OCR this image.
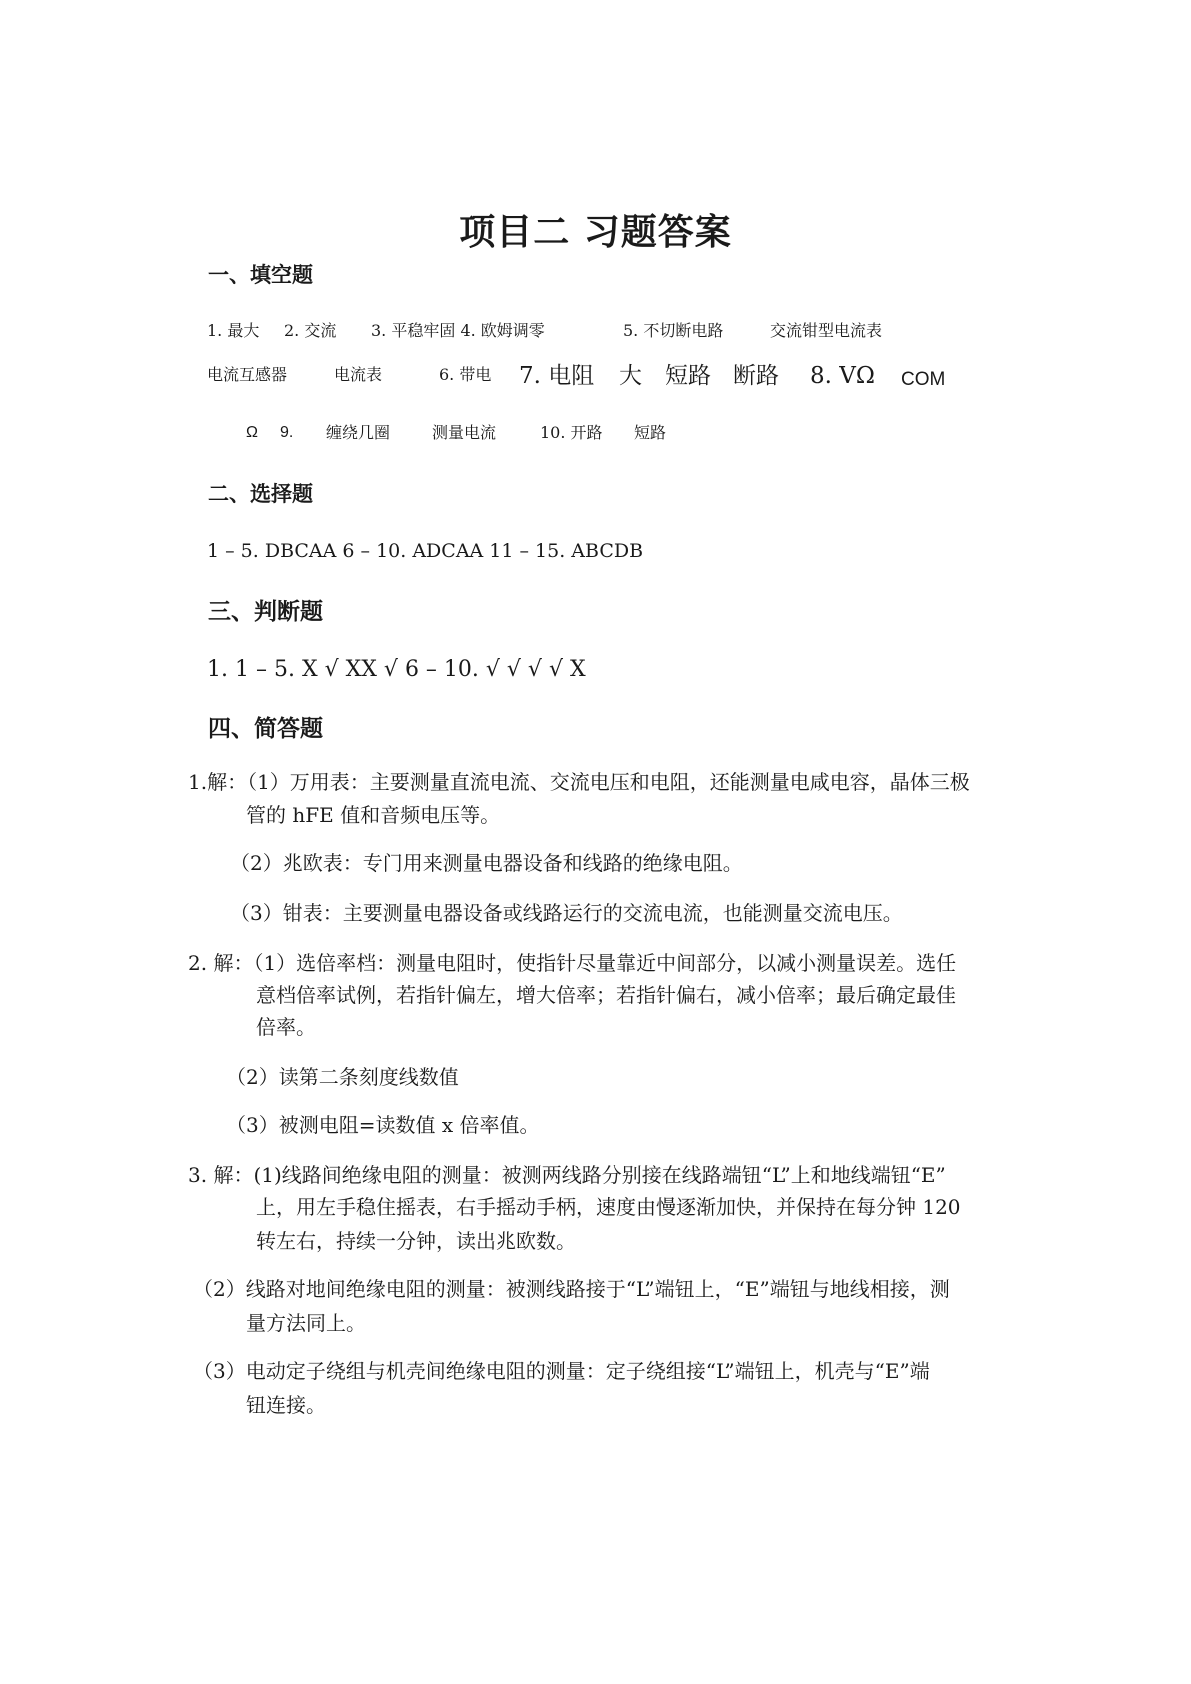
项目二 习题答案
一、填空题
1. 最大 2. 交流 3. 平稳牢固 4. 欧姆调零	5. 不切断电路	交流钳型电流表
电流互感器	电流表	6. 带电 7. 电阻 大 短路 断路 8. VΩ COM
Ω 9. 缠绕几圈	测量电流	10. 开路 短路
二、选择题
1 – 5. DBCAA 6 – 10. ADCAA 11 – 15. ABCDB
三、判断题
1. 1 – 5. X √ XX √ 6 – 10. √ √ √ √ X
四、简答题
1.解：（1）万用表：主要测量直流电流、交流电压和电阻，还能测量电咸电容，晶体三极
管的 hFE 值和音频电压等。
（2）兆欧表：专门用来测量电器设备和线路的绝缘电阻。
（3）钳表：主要测量电器设备或线路运行的交流电流，也能测量交流电压。
2. 解：（1）选倍率档：测量电阻时，使指针尽量靠近中间部分，以减小测量误差。选任
意档倍率试例，若指针偏左，增大倍率；若指针偏右，减小倍率；最后确定最佳
倍率。
（2）读第二条刻度线数值
（3）被测电阻=读数值 x 倍率值。
3. 解：(1)线路间绝缘电阻的测量：被测两线路分别接在线路端钮“L”上和地线端钮“E”
上，用左手稳住摇表，右手摇动手柄，速度由慢逐渐加快，并保持在每分钟 120
转左右，持续一分钟，读出兆欧数。
（2）线路对地间绝缘电阻的测量：被测线路接于“L”端钮上，“E”端钮与地线相接，测
量方法同上。
（3）电动定子绕组与机壳间绝缘电阻的测量：定子绕组接“L”端钮上，机壳与“E”端
钮连接。
